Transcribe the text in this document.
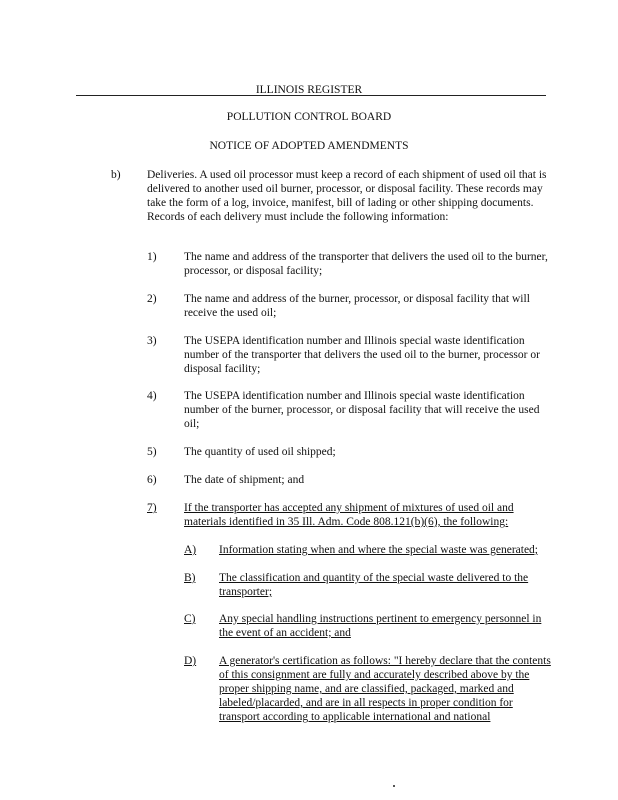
ILLINOIS REGISTER
POLLUTION CONTROL BOARD
NOTICE OF ADOPTED AMENDMENTS
b) Deliveries. A used oil processor must keep a record of each shipment of used oil that is delivered to another used oil burner, processor, or disposal facility. These records may take the form of a log, invoice, manifest, bill of lading or other shipping documents. Records of each delivery must include the following information:
1) The name and address of the transporter that delivers the used oil to the burner, processor, or disposal facility;
2) The name and address of the burner, processor, or disposal facility that will receive the used oil;
3) The USEPA identification number and Illinois special waste identification number of the transporter that delivers the used oil to the burner, processor or disposal facility;
4) The USEPA identification number and Illinois special waste identification number of the burner, processor, or disposal facility that will receive the used oil;
5) The quantity of used oil shipped;
6) The date of shipment; and
7) If the transporter has accepted any shipment of mixtures of used oil and materials identified in 35 Ill. Adm. Code 808.121(b)(6), the following:
A) Information stating when and where the special waste was generated;
B) The classification and quantity of the special waste delivered to the transporter;
C) Any special handling instructions pertinent to emergency personnel in the event of an accident; and
D) A generator's certification as follows: "I hereby declare that the contents of this consignment are fully and accurately described above by the proper shipping name, and are classified, packaged, marked and labeled/placarded, and are in all respects in proper condition for transport according to applicable international and national
